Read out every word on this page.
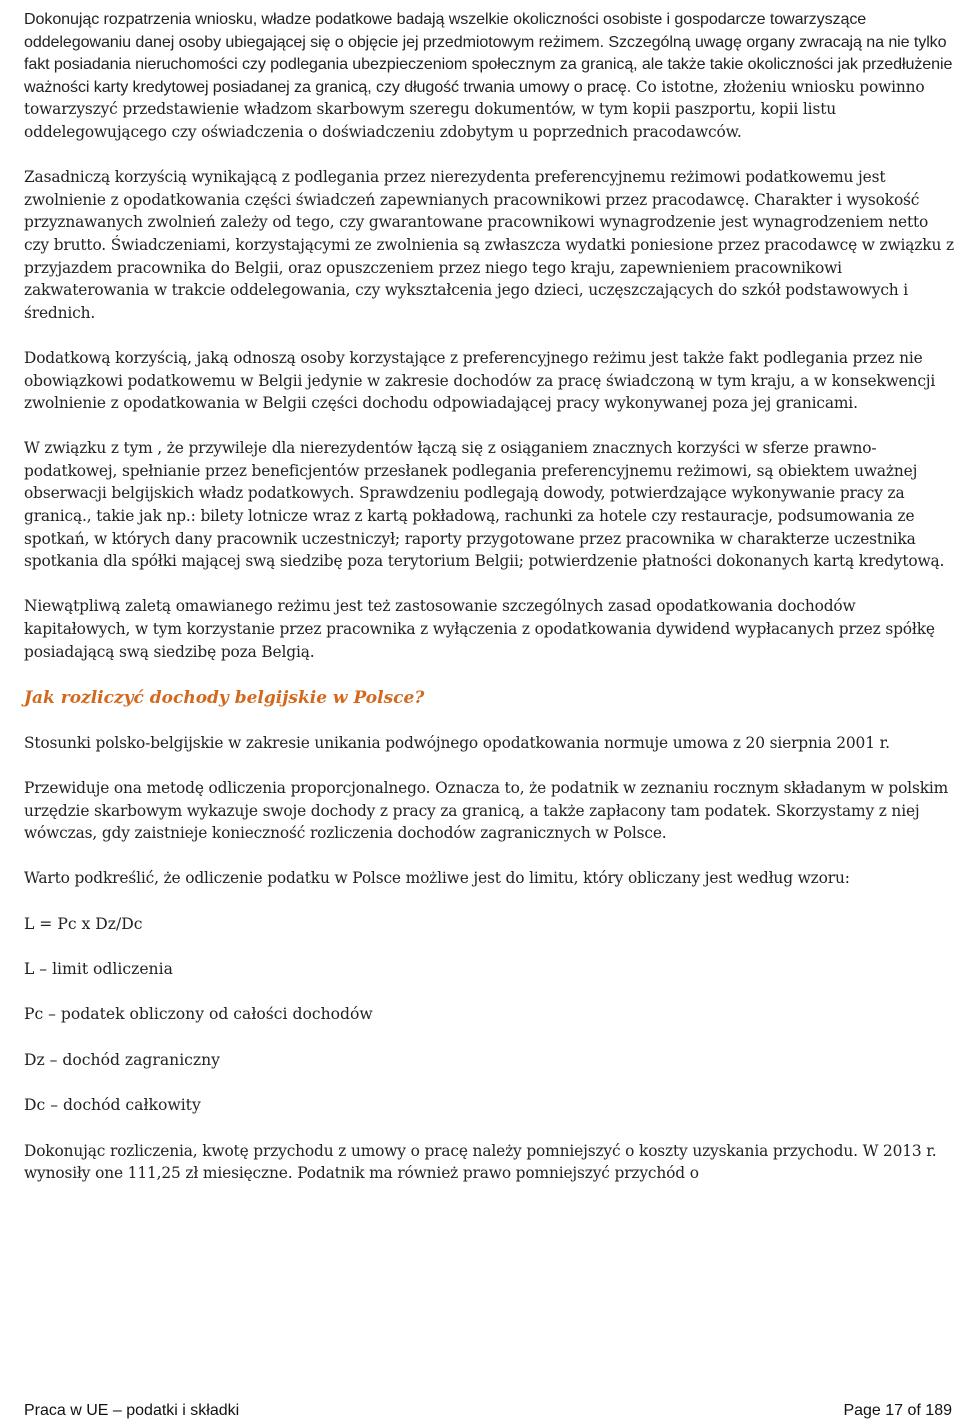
Dokonując rozpatrzenia wniosku, władze podatkowe badają wszelkie okoliczności osobiste i gospodarcze towarzyszące oddelegowaniu danej osoby ubiegającej się o objęcie jej przedmiotowym reżimem. Szczególną uwagę organy zwracają na nie tylko fakt posiadania nieruchomości czy podlegania ubezpieczeniom społecznym za granicą, ale także takie okoliczności jak przedłużenie ważności karty kredytowej posiadanej za granicą, czy długość trwania umowy o pracę. Co istotne, złożeniu wniosku powinno towarzyszyć przedstawienie władzom skarbowym szeregu dokumentów, w tym kopii paszportu, kopii listu oddelegowującego czy oświadczenia o doświadczeniu zdobytym u poprzednich pracodawców.

Zasadniczą korzyścią wynikającą z podlegania przez nierezydenta preferencyjnemu reżimowi podatkowemu jest zwolnienie z opodatkowania części świadczeń zapewnianych pracownikowi przez pracodawcę. Charakter i wysokość przyznawanych zwolnień zależy od tego, czy gwarantowane pracownikowi wynagrodzenie jest wynagrodzeniem netto czy brutto. Świadczeniami, korzystającymi ze zwolnienia są zwłaszcza wydatki poniesione przez pracodawcę w związku z przyjazdem pracownika do Belgii, oraz opuszczeniem przez niego tego kraju, zapewnieniem pracownikowi zakwaterowania w trakcie oddelegowania, czy wykształcenia jego dzieci, uczęszczających do szkół podstawowych i średnich.

Dodatkową korzyścią, jaką odnoszą osoby korzystające z preferencyjnego reżimu jest także fakt podlegania przez nie obowiązkowi podatkowemu w Belgii jedynie w zakresie dochodów za pracę świadczoną w tym kraju, a w konsekwencji zwolnienie z opodatkowania w Belgii części dochodu odpowiadającej pracy wykonywanej poza jej granicami.

W związku z tym , że przywileje dla nierezydentów łączą się z osiąganiem znacznych korzyści w sferze prawno-podatkowej, spełnianie przez beneficjentów przesłanek podlegania preferencyjnemu reżimowi, są obiektem uważnej obserwacji belgijskich władz podatkowych. Sprawdzeniu podlegają dowody, potwierdzające wykonywanie pracy za granicą., takie jak np.: bilety lotnicze wraz z kartą pokładową, rachunki za hotele czy restauracje, podsumowania ze spotkań, w których dany pracownik uczestniczył; raporty przygotowane przez pracownika w charakterze uczestnika spotkania dla spółki mającej swą siedzibę poza terytorium Belgii; potwierdzenie płatności dokonanych kartą kredytową.

Niewątpliwą zaletą omawianego reżimu jest też zastosowanie szczególnych zasad opodatkowania dochodów kapitałowych, w tym korzystanie przez pracownika z wyłączenia z opodatkowania dywidend wypłacanych przez spółkę posiadającą swą siedzibę poza Belgią.

Jak rozliczyć dochody belgijskie w Polsce?

Stosunki polsko-belgijskie w zakresie unikania podwójnego opodatkowania normuje umowa z 20 sierpnia 2001 r.

Przewiduje ona metodę odliczenia proporcjonalnego. Oznacza to, że podatnik w zeznaniu rocznym składanym w polskim urzędzie skarbowym wykazuje swoje dochody z pracy za granicą, a także zapłacony tam podatek. Skorzystamy z niej wówczas, gdy zaistnieje konieczność rozliczenia dochodów zagranicznych w Polsce.

Warto podkreślić, że odliczenie podatku w Polsce możliwe jest do limitu, który obliczany jest według wzoru:

L = Pc x Dz/Dc

L – limit odliczenia

Pc – podatek obliczony od całości dochodów

Dz – dochód zagraniczny

Dc – dochód całkowity

Dokonując rozliczenia, kwotę przychodu z umowy o pracę należy pomniejszyć o koszty uzyskania przychodu. W 2013 r. wynosiły one 111,25 zł miesięczne. Podatnik ma również prawo pomniejszyć przychód o

Praca w UE – podatki i składki	Page 17 of 189
